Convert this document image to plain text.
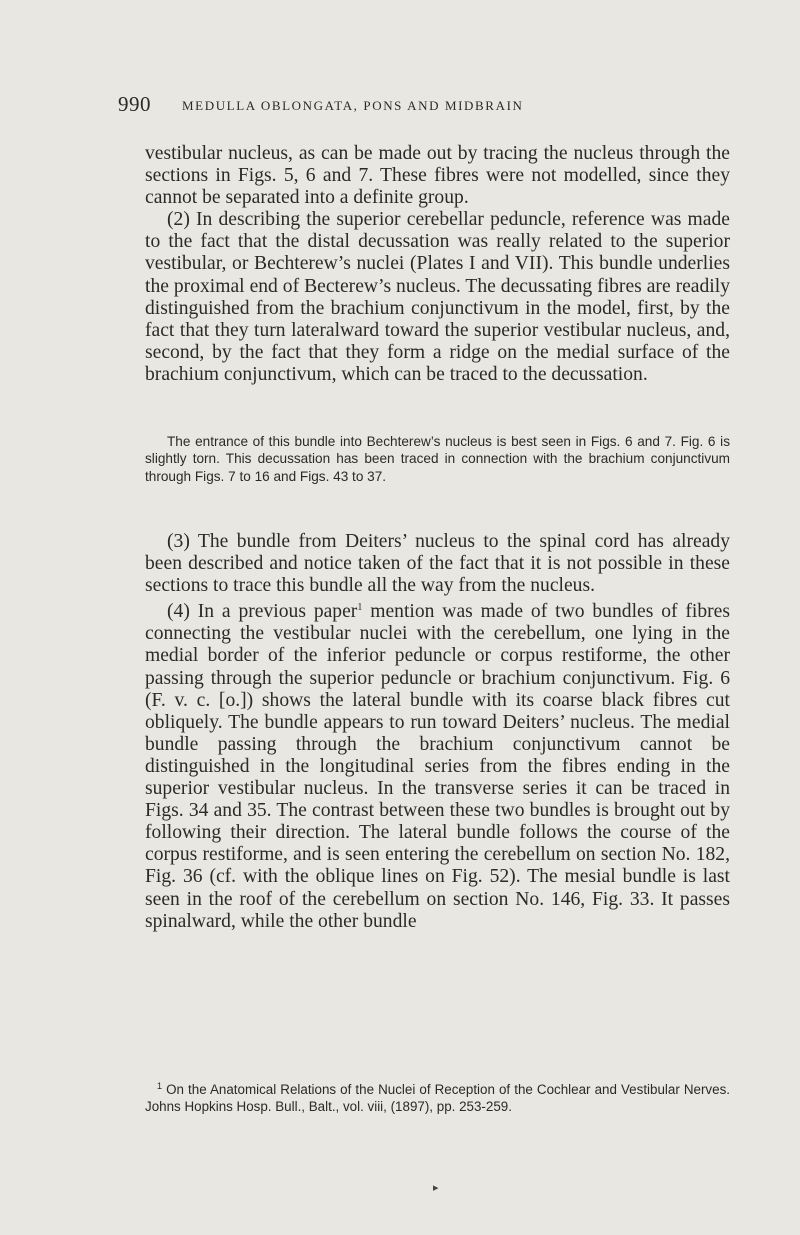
990 MEDULLA OBLONGATA, PONS AND MIDBRAIN

vestibular nucleus, as can be made out by tracing the nucleus through the sections in Figs. 5, 6 and 7. These fibres were not modelled, since they cannot be separated into a definite group.

(2) In describing the superior cerebellar peduncle, reference was made to the fact that the distal decussation was really related to the superior vestibular, or Bechterew’s nuclei (Plates I and VII). This bundle underlies the proximal end of Becterew’s nucleus. The decussating fibres are readily distinguished from the brachium conjunctivum in the model, first, by the fact that they turn lateralward toward the superior vestibular nucleus, and, second, by the fact that they form a ridge on the medial surface of the brachium conjunctivum, which can be traced to the decussation.

The entrance of this bundle into Bechterew’s nucleus is best seen in Figs. 6 and 7. Fig. 6 is slightly torn. This decussation has been traced in connection with the brachium conjunctivum through Figs. 7 to 16 and Figs. 43 to 37.

(3) The bundle from Deiters’ nucleus to the spinal cord has already been described and notice taken of the fact that it is not possible in these sections to trace this bundle all the way from the nucleus.

(4) In a previous paper$^1$ mention was made of two bundles of fibres connecting the vestibular nuclei with the cerebellum, one lying in the medial border of the inferior peduncle or corpus restiforme, the other passing through the superior peduncle or brachium conjunctivum. Fig. 6 (F. v. c. [o.]) shows the lateral bundle with its coarse black fibres cut obliquely. The bundle appears to run toward Deiters’ nucleus. The medial bundle passing through the brachium conjunctivum cannot be distinguished in the longitudinal series from the fibres ending in the superior vestibular nucleus. In the transverse series it can be traced in Figs. 34 and 35. The contrast between these two bundles is brought out by following their direction. The lateral bundle follows the course of the corpus restiforme, and is seen entering the cerebellum on section No. 182, Fig. 36 (cf. with the oblique lines on Fig. 52). The mesial bundle is last seen in the roof of the cerebellum on section No. 146, Fig. 33. It passes spinalward, while the other bundle

$^1$ On the Anatomical Relations of the Nuclei of Reception of the Cochlear and Vestibular Nerves. Johns Hopkins Hosp. Bull., Balt., vol. viii, (1897), pp. 253-259.

▸
